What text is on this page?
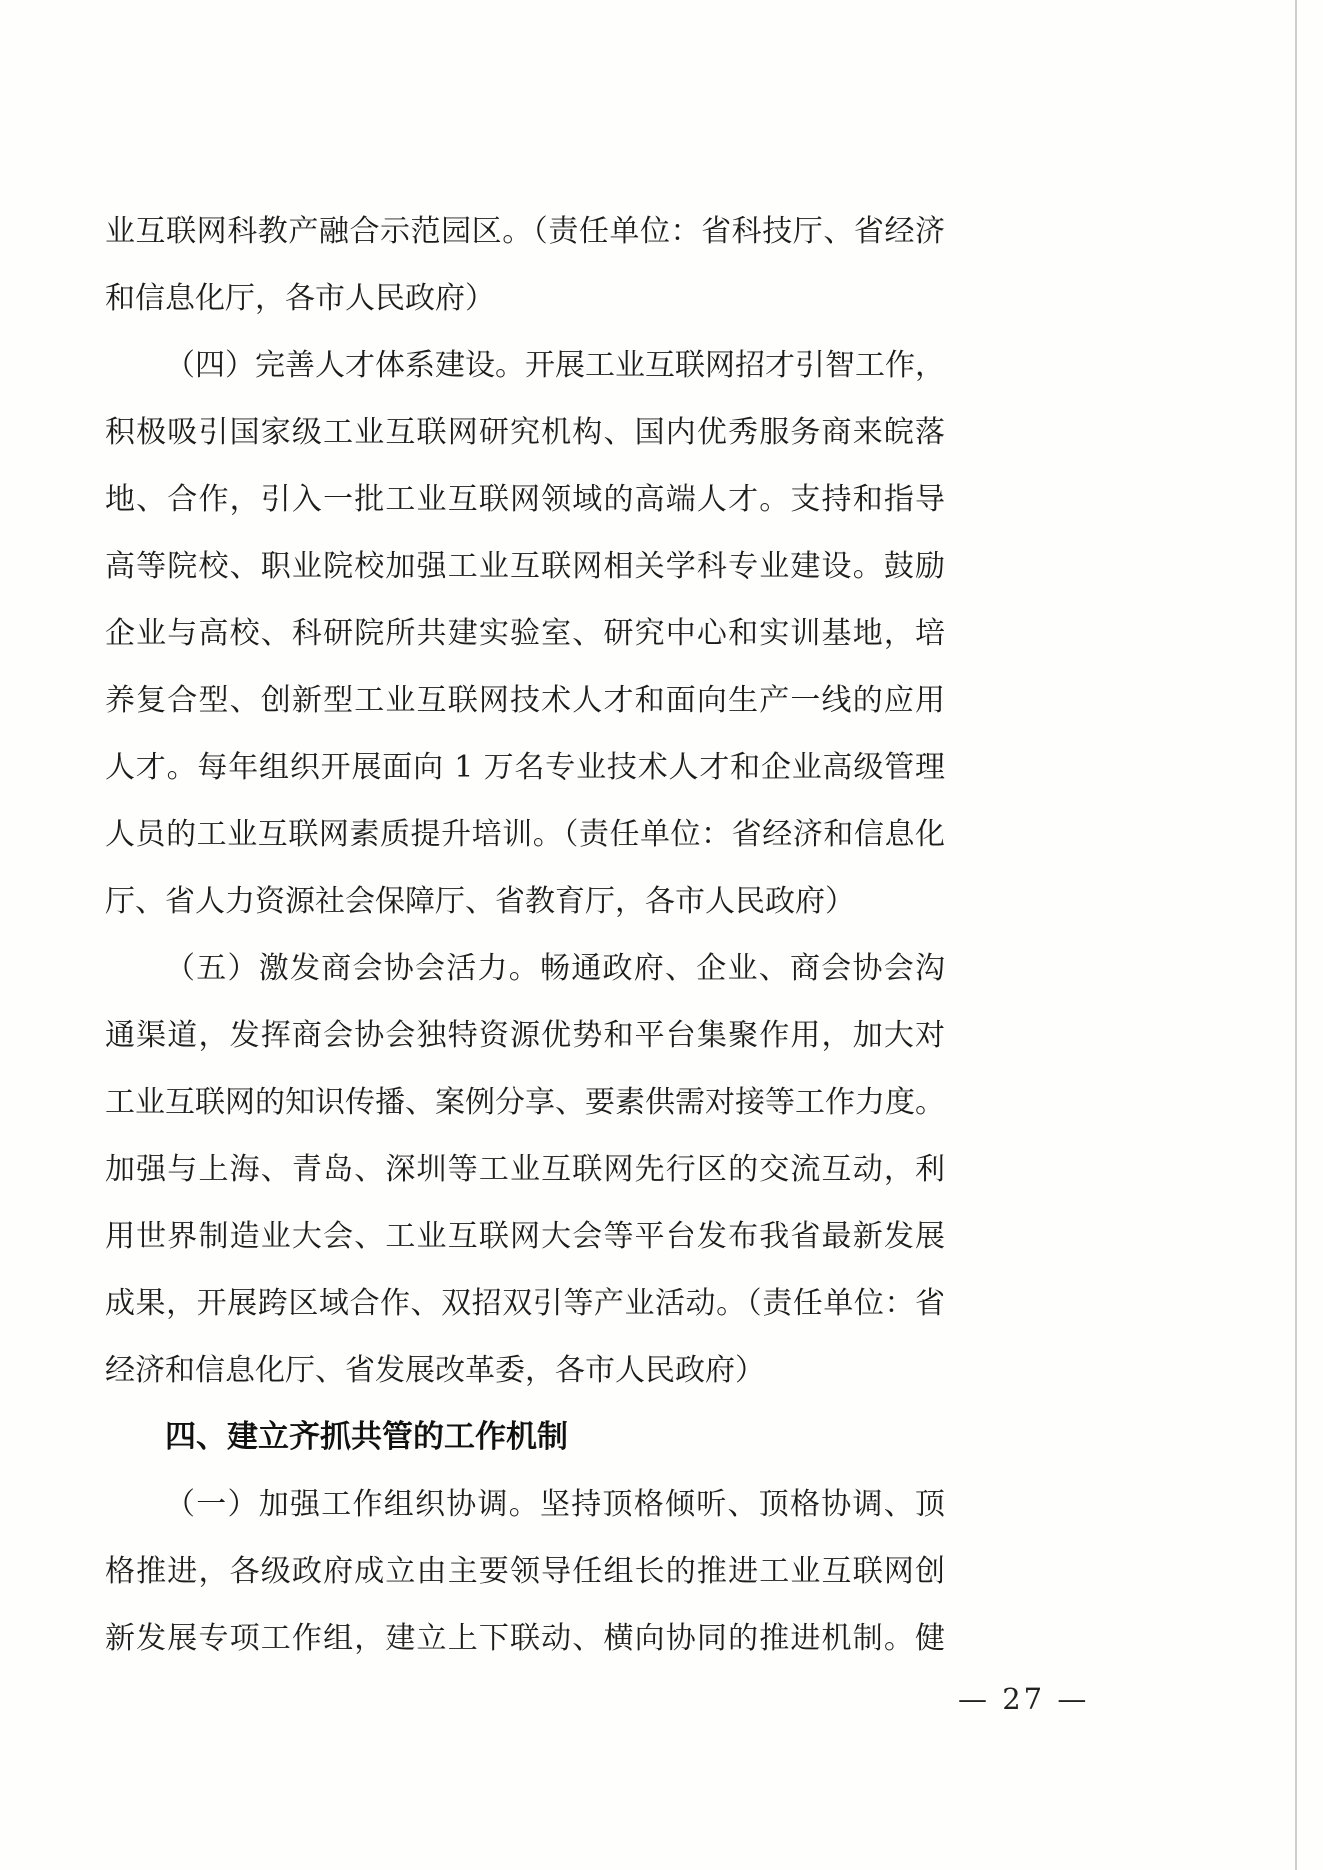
业互联网科教产融合示范园区。（责任单位：省科技厅、省经济
和信息化厅，各市人民政府）
（四）完善人才体系建设。开展工业互联网招才引智工作，
积极吸引国家级工业互联网研究机构、国内优秀服务商来皖落
地、合作，引入一批工业互联网领域的高端人才。支持和指导
高等院校、职业院校加强工业互联网相关学科专业建设。鼓励
企业与高校、科研院所共建实验室、研究中心和实训基地，培
养复合型、创新型工业互联网技术人才和面向生产一线的应用
人才。每年组织开展面向 1 万名专业技术人才和企业高级管理
人员的工业互联网素质提升培训。（责任单位：省经济和信息化
厅、省人力资源社会保障厅、省教育厅，各市人民政府）
（五）激发商会协会活力。畅通政府、企业、商会协会沟
通渠道，发挥商会协会独特资源优势和平台集聚作用，加大对
工业互联网的知识传播、案例分享、要素供需对接等工作力度。
加强与上海、青岛、深圳等工业互联网先行区的交流互动，利
用世界制造业大会、工业互联网大会等平台发布我省最新发展
成果，开展跨区域合作、双招双引等产业活动。（责任单位：省
经济和信息化厅、省发展改革委，各市人民政府）
四、建立齐抓共管的工作机制
（一）加强工作组织协调。坚持顶格倾听、顶格协调、顶
格推进，各级政府成立由主要领导任组长的推进工业互联网创
新发展专项工作组，建立上下联动、横向协同的推进机制。健
— 27 —
